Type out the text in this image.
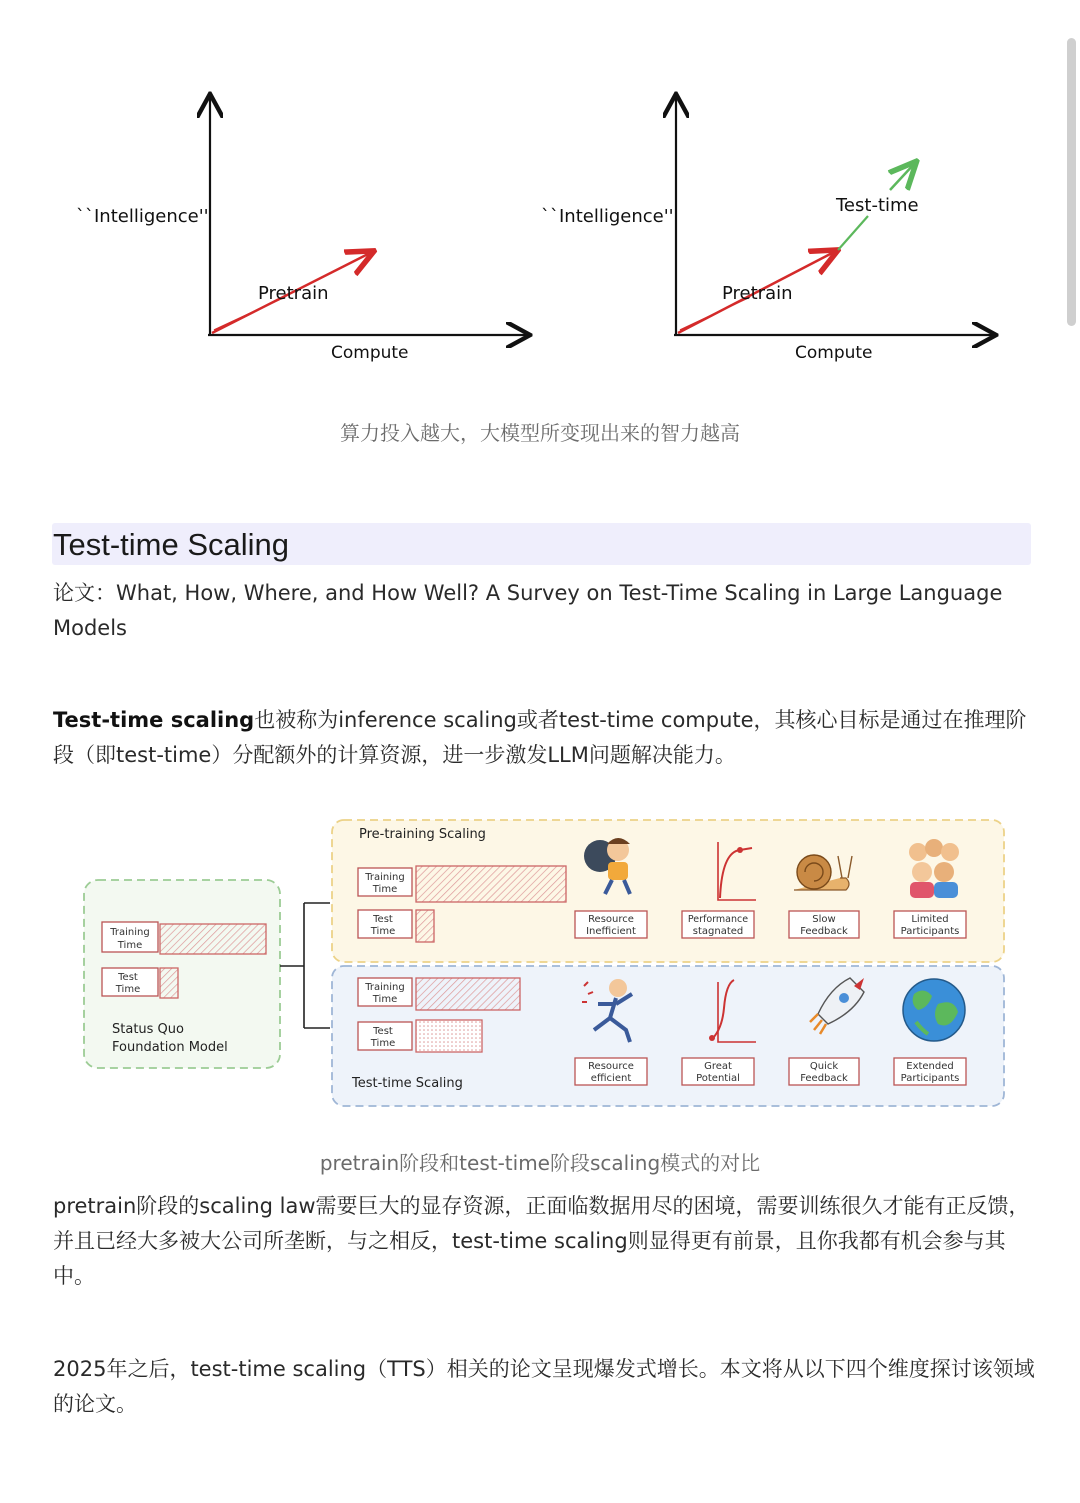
``Intelligence''
Compute
Pretrain
``Intelligence''
Compute
Pretrain
Test-time
算力投入越大，大模型所变现出来的智力越高
Test-time Scaling
论文：What, How, Where, and How Well? A Survey on Test-Time Scaling in Large Language Models
Test-time scaling也被称为inference scaling或者test-time compute，其核心目标是通过在推理阶段（即test-time）分配额外的计算资源，进一步激发LLM问题解决能力。
Training
Time
Test
Time
Status Quo
Foundation Model
Pre-training Scaling
Training
Time
Test
Time
Resource
Inefficient
Performance
stagnated
Slow
Feedback
Limited
Participants
Training
Time
Test
Time
Test-time Scaling
Resource
efficient
Great
Potential
Quick
Feedback
Extended
Participants
pretrain阶段和test-time阶段scaling模式的对比
pretrain阶段的scaling law需要巨大的显存资源，正面临数据用尽的困境，需要训练很久才能有正反馈，并且已经大多被大公司所垄断，与之相反，test-time scaling则显得更有前景，且你我都有机会参与其中。
2025年之后，test-time scaling（TTS）相关的论文呈现爆发式增长。本文将从以下四个维度探讨该领域的论文。
